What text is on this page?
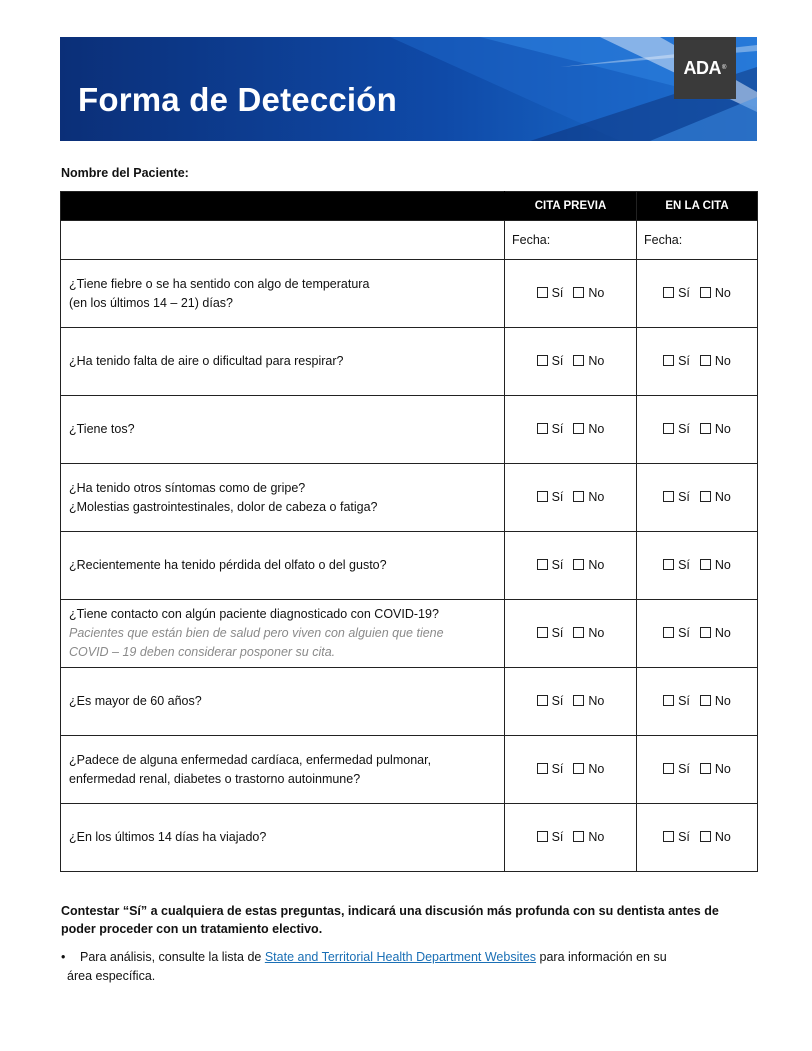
Forma de Detección
ADA ®
Nombre del Paciente:
	CITA PREVIA	EN LA CITA
	Fecha:	Fecha:

¿Tiene fiebre o se ha sentido con algo de temperatura
(en los últimos 14 – 21) días?	Sí No	Sí No

¿Ha tenido falta de aire o dificultad para respirar?	Sí No	Sí No

¿Tiene tos?	Sí No	Sí No

¿Ha tenido otros síntomas como de gripe?
¿Molestias gastrointestinales, dolor de cabeza o fatiga?	Sí No	Sí No

¿Recientemente ha tenido pérdida del olfato o del gusto?	Sí No	Sí No

¿Tiene contacto con algún paciente diagnosticado con COVID-19?
Pacientes que están bien de salud pero viven con alguien que tiene
COVID – 19 deben considerar posponer su cita.	Sí No	Sí No

¿Es mayor de 60 años?	Sí No	Sí No

¿Padece de alguna enfermedad cardíaca, enfermedad pulmonar,
enfermedad renal, diabetes o trastorno autoinmune?	Sí No	Sí No

¿En los últimos 14 días ha viajado?	Sí No	Sí No
Contestar “Sí” a cualquiera de estas preguntas, indicará una discusión más profunda con su dentista antes de poder proceder con un tratamiento electivo.
• Para análisis, consulte la lista de State and Territorial Health Department Websites para información en su
área específica.
